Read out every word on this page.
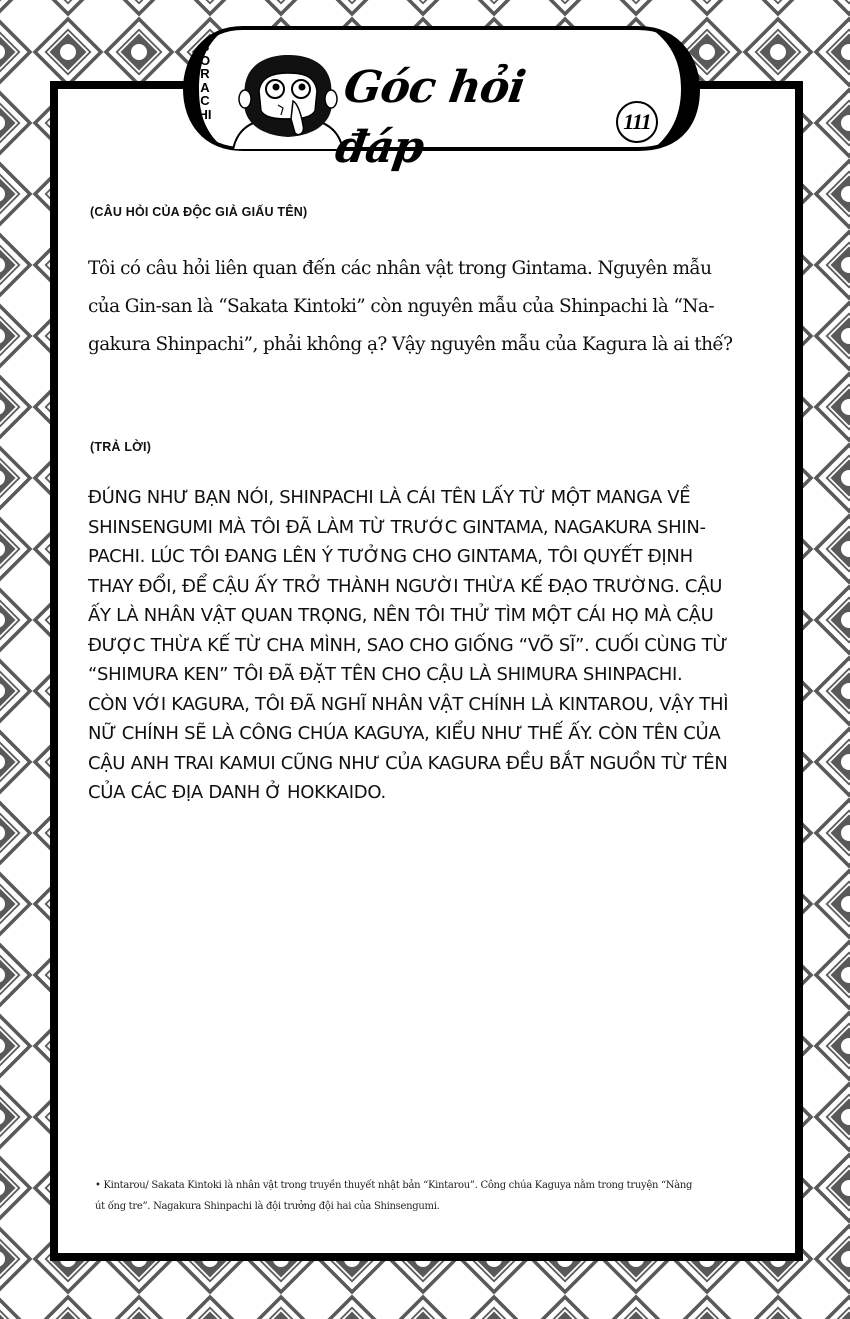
SORACHI
Góc hỏi đáp
111
(CÂU HỎI CỦA ĐỘC GIẢ GIẤU TÊN)
Tôi có câu hỏi liên quan đến các nhân vật trong Gintama. Nguyên mẫu
của Gin-san là “Sakata Kintoki” còn nguyên mẫu của Shinpachi là “Na-
gakura Shinpachi”, phải không ạ? Vậy nguyên mẫu của Kagura là ai thế?
(TRẢ LỜI)
ĐÚNG NHƯ BẠN NÓI, SHINPACHI LÀ CÁI TÊN LẤY TỪ MỘT MANGA VỀ
SHINSENGUMI MÀ TÔI ĐÃ LÀM TỪ TRƯỚC GINTAMA, NAGAKURA SHIN-
PACHI. LÚC TÔI ĐANG LÊN Ý TƯỞNG CHO GINTAMA, TÔI QUYẾT ĐỊNH
THAY ĐỔI, ĐỂ CẬU ẤY TRỞ THÀNH NGƯỜI THỪA KẾ ĐẠO TRƯỜNG. CẬU
ẤY LÀ NHÂN VẬT QUAN TRỌNG, NÊN TÔI THỬ TÌM MỘT CÁI HỌ MÀ CẬU
ĐƯỢC THỪA KẾ TỪ CHA MÌNH, SAO CHO GIỐNG “VÕ SĨ”. CUỐI CÙNG TỪ
“SHIMURA KEN” TÔI ĐÃ ĐẶT TÊN CHO CẬU LÀ SHIMURA SHINPACHI.
CÒN VỚI KAGURA, TÔI ĐÃ NGHĨ NHÂN VẬT CHÍNH LÀ KINTAROU, VẬY THÌ
NỮ CHÍNH SẼ LÀ CÔNG CHÚA KAGUYA, KIỂU NHƯ THẾ ẤY. CÒN TÊN CỦA
CẬU ANH TRAI KAMUI CŨNG NHƯ CỦA KAGURA ĐỀU BẮT NGUỒN TỪ TÊN
CỦA CÁC ĐỊA DANH Ở HOKKAIDO.
• Kintarou/ Sakata Kintoki là nhân vật trong truyền thuyết nhật bản “Kintarou”. Công chúa Kaguya nằm trong truyện “Nàng
út ống tre”. Nagakura Shinpachi là đội trưởng đội hai của Shinsengumi.
